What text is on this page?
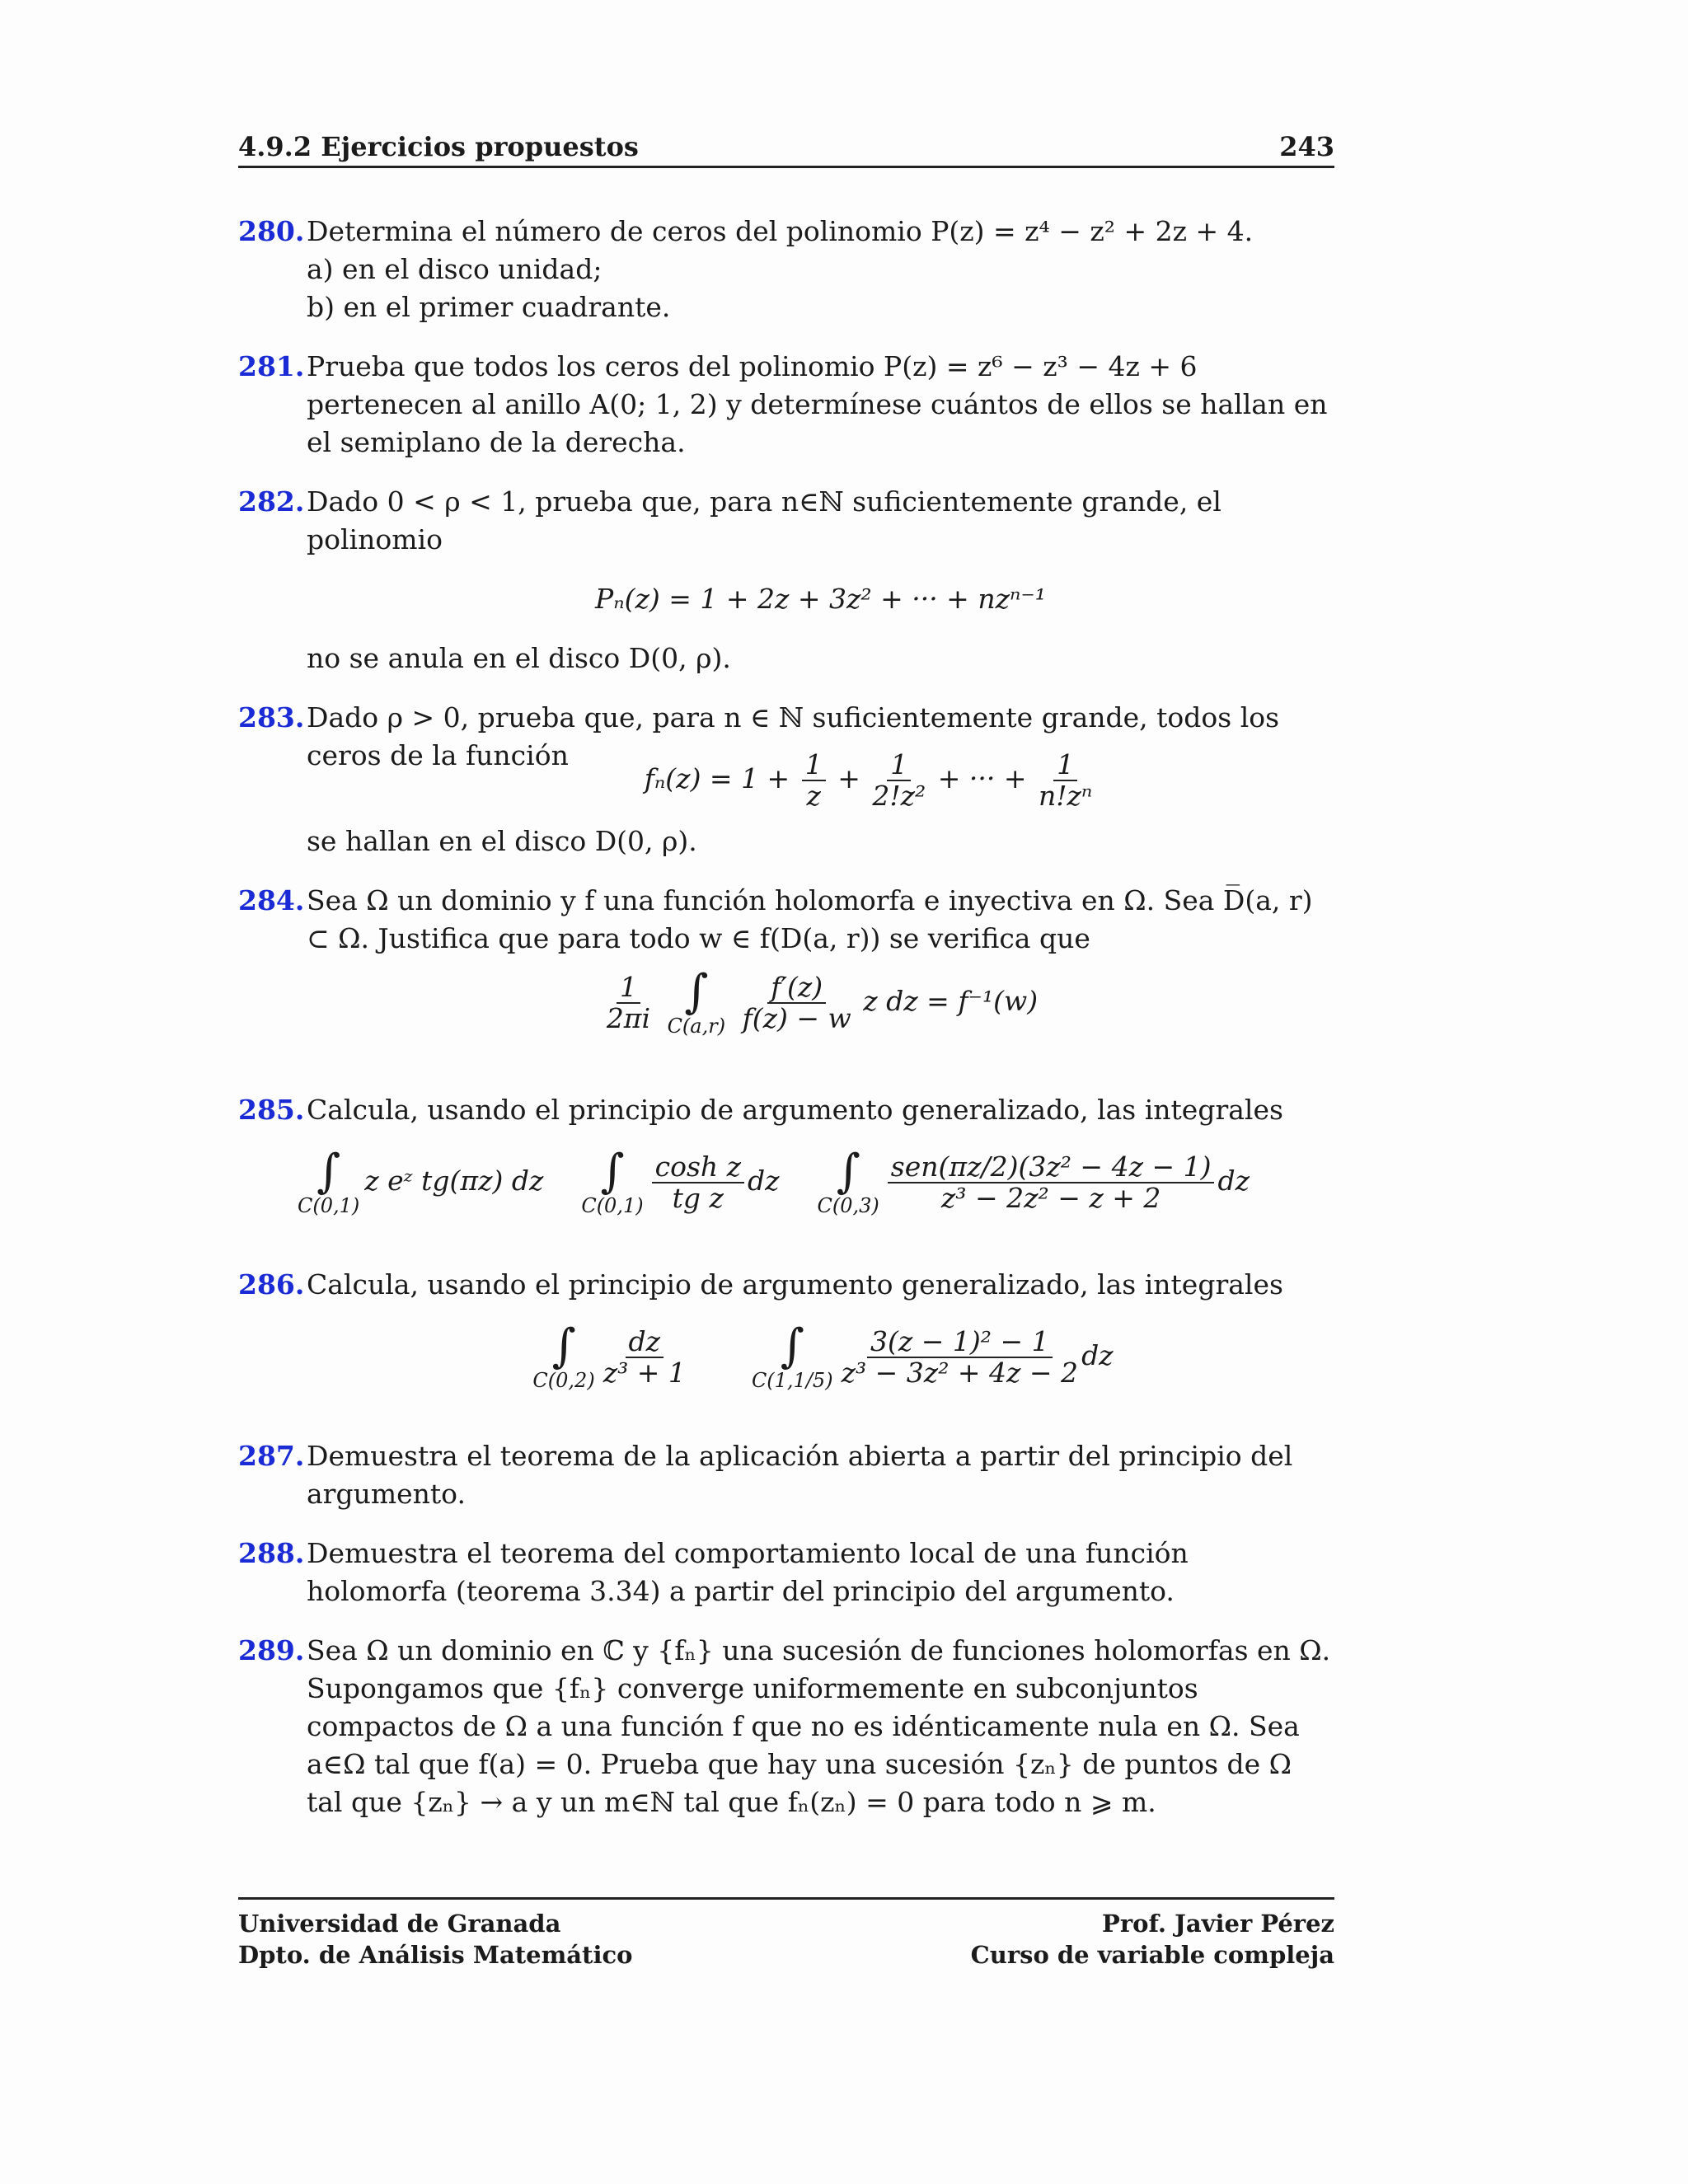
4.9.2 Ejercicios propuestos	243
280. Determina el número de ceros del polinomio P(z) = z⁴ − z² + 2z + 4.

a) en el disco unidad;

b) en el primer cuadrante.

281. Prueba que todos los ceros del polinomio P(z) = z⁶ − z³ − 4z + 6 pertenecen al anillo A(0; 1, 2) y determínese cuántos de ellos se hallan en el semiplano de la derecha.

282. Dado 0 < ρ < 1, prueba que, para n∈ℕ suficientemente grande, el polinomio

Pₙ(z) = 1 + 2z + 3z² + ··· + nzⁿ⁻¹

no se anula en el disco D(0, ρ).

283. Dado ρ > 0, prueba que, para n ∈ ℕ suficientemente grande, todos los ceros de la función

$f_n(z) = 1 + \frac{1}{z} + \frac{1}{\text{2!z²}}$ + ··· + $\frac{1}{\text{n!zⁿ}}$

se hallan en el disco D(0, ρ).

284. Sea Ω un dominio y f una función holomorfa e inyectiva en Ω. Sea D̅(a, r) ⊂ Ω. Justifica que para todo w ∈ f(D(a, r)) se verifica que

$\frac{1}{2\pi i}$
∫
C(a,r)
$\frac{f'(z)}{f(z) - w}$ z dz = f⁻¹(w)
285. Calcula, usando el principio de argumento generalizado, las integrales

∫
C(0,1)
z eᶻ tg(πz) dz ∫
$C(0,1) \frac{\text{cosh z}}{\text{tg z}}$ dz ∫
$C(0,3) \frac{\text{sen(πz/2)(3z² − 4z − 1)}}{\text{z³ − 2z² − z + 2}}$ dz
286. Calcula, usando el principio de argumento generalizado, las integrales

∫
$C(0,2) \frac{dz}{\text{z³ + 1}}$ ∫
$C(1,1/5) \frac{\text{3(z − 1)² − 1}}{\text{z³ − 3z² + 4z − 2}}$ dz
287. Demuestra el teorema de la aplicación abierta a partir del principio del argumento.

288. Demuestra el teorema del comportamiento local de una función holomorfa (teorema 3.34) a partir del principio del argumento.

289. Sea Ω un dominio en ℂ y {fₙ} una sucesión de funciones holomorfas en Ω. Supongamos que {fₙ} converge uniformemente en subconjuntos compactos de Ω a una función f que no es idénticamente nula en Ω. Sea a∈Ω tal que f(a) = 0. Prueba que hay una sucesión {zₙ} de puntos de Ω tal que {zₙ} → a y un m∈ℕ tal que fₙ(zₙ) = 0 para todo n ⩾ m.

Universidad de Granada
Dpto. de Análisis Matemático
Prof. Javier Pérez
Curso de variable compleja
